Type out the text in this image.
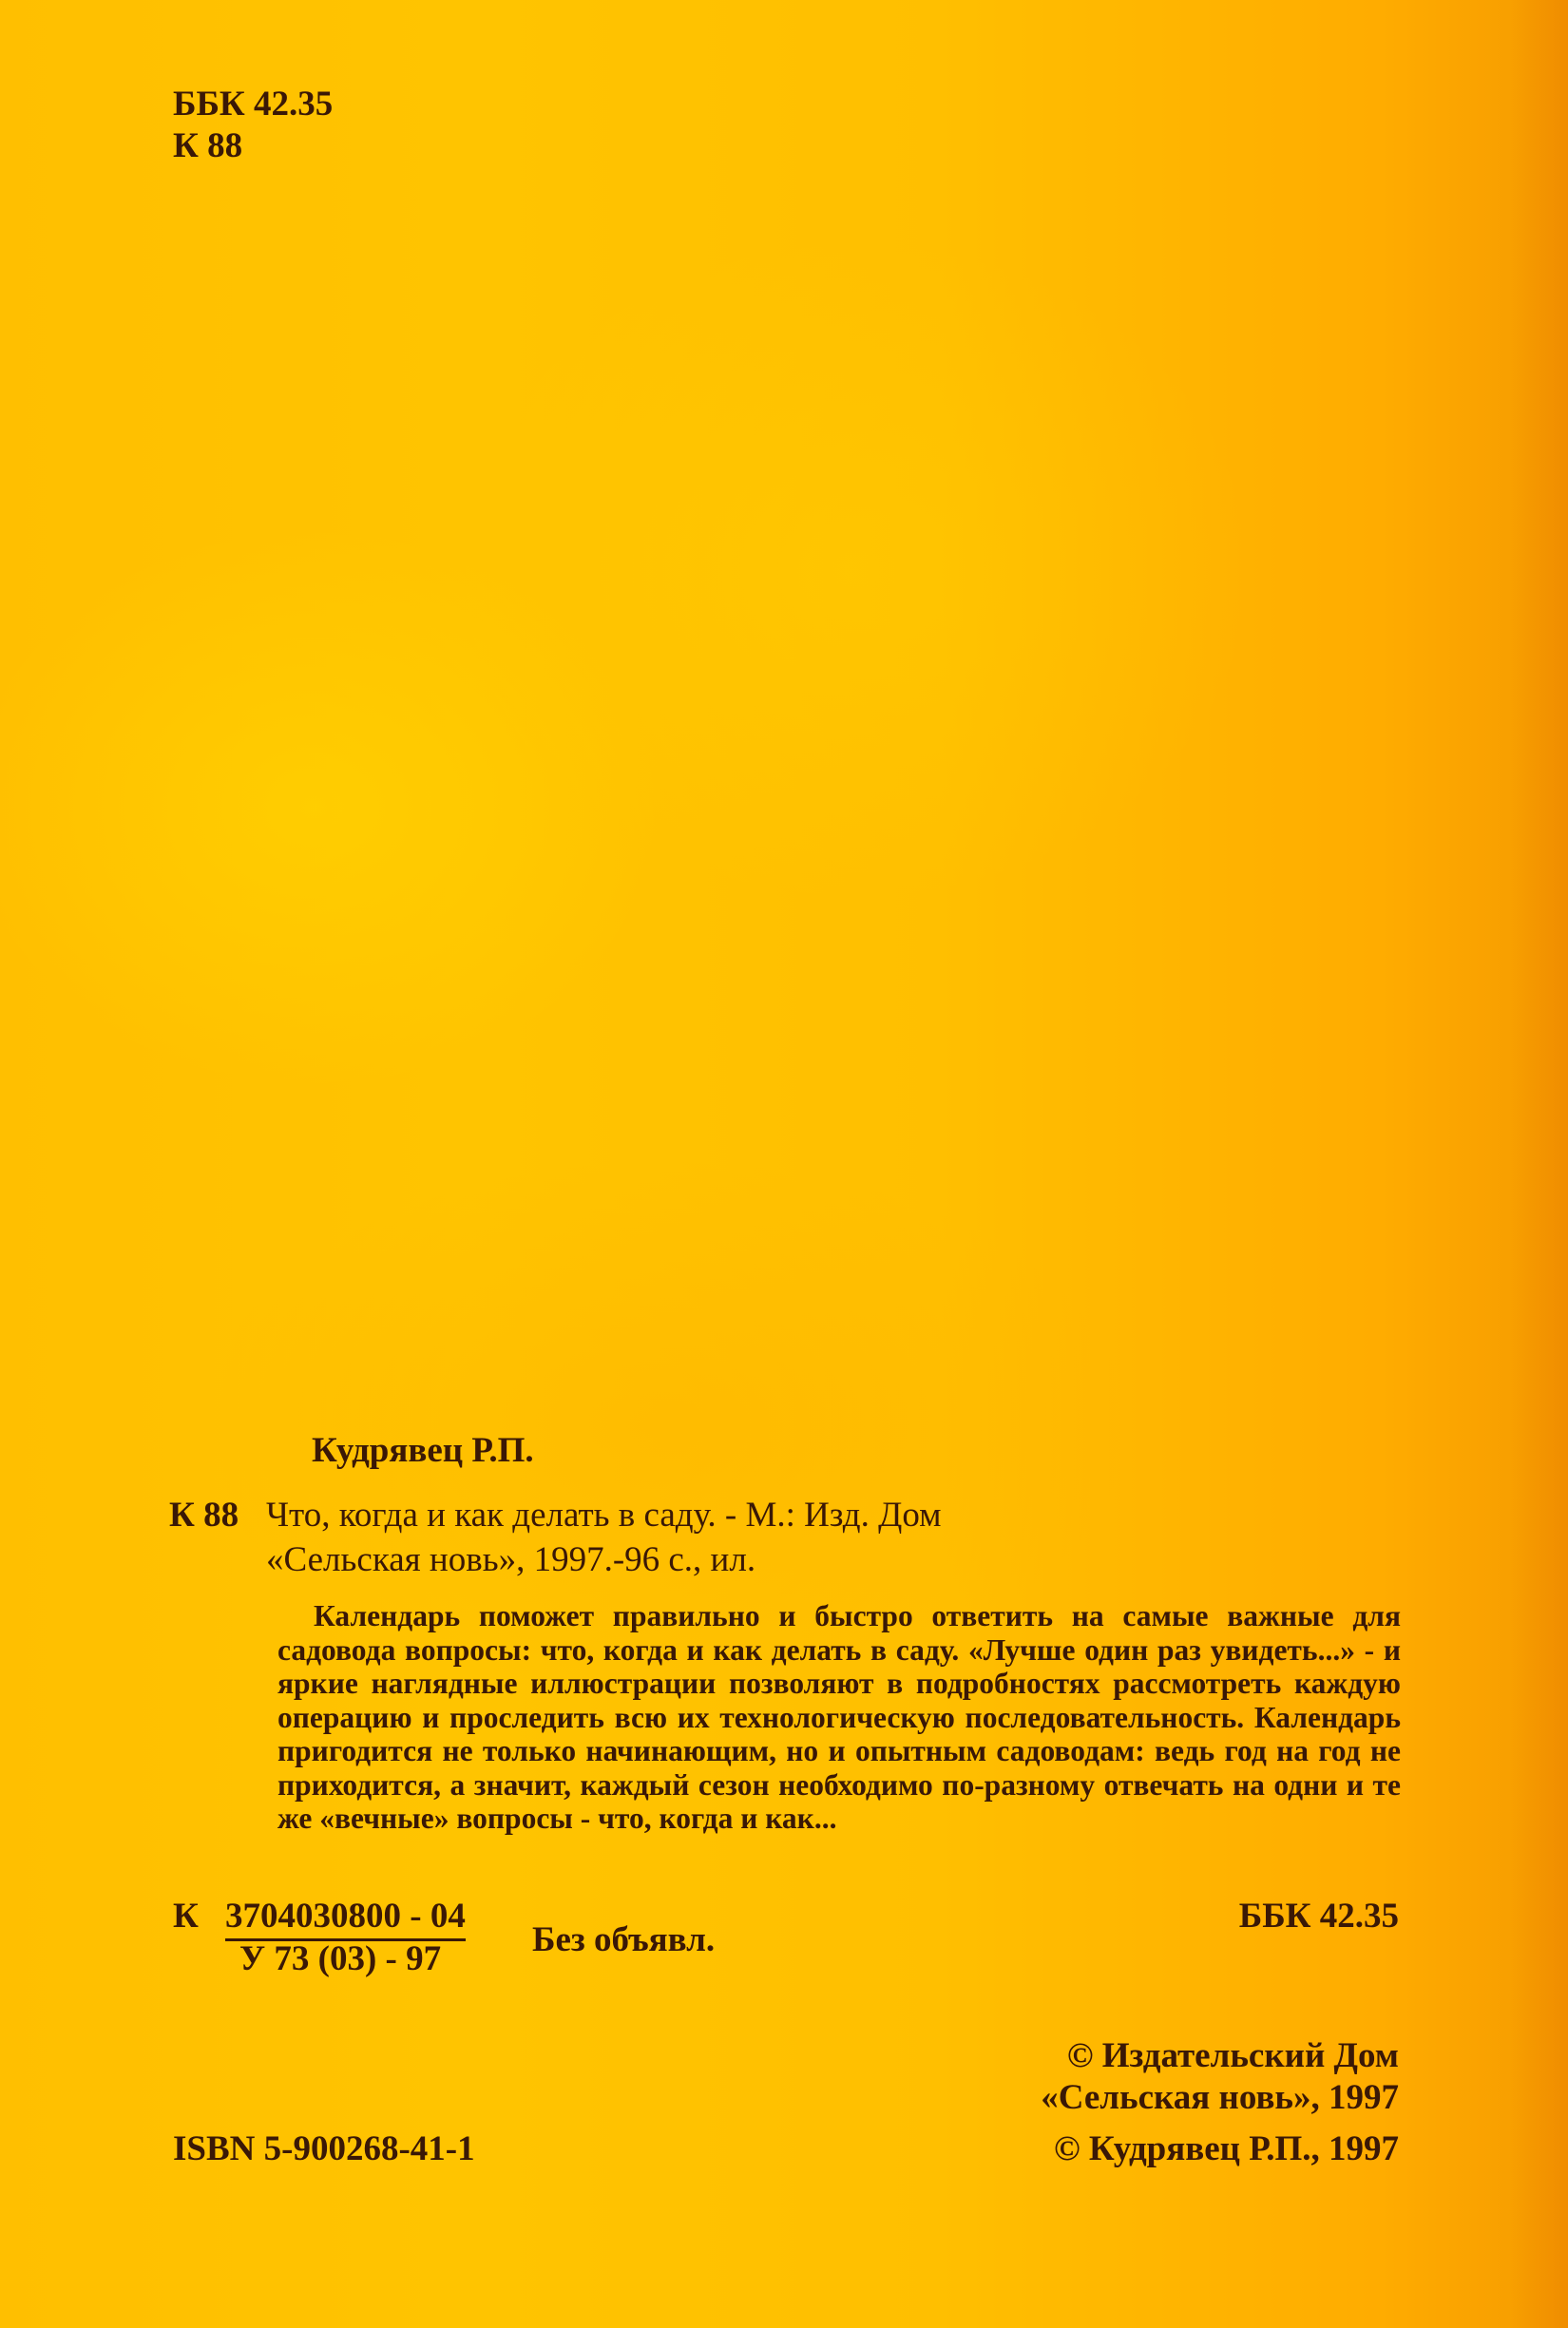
ББК 42.35
К 88
Кудрявец Р.П.
К 88 Что, когда и как делать в саду. - М.: Изд. Дом
«Сельская новь», 1997.-96 с., ил.

Календарь поможет правильно и быстро ответить на самые важные для садовода вопросы: что, когда и как делать в саду. «Лучше один раз увидеть...» - и яркие наглядные иллюстрации позволяют в подробностях рассмотреть каждую операцию и проследить всю их технологическую последовательность. Календарь пригодится не только начинающим, но и опытным садоводам: ведь год на год не приходится, а значит, каждый сезон необходимо по-разному отвечать на одни и те же «вечные» вопросы - что, когда и как...

К 3704030800 - 04
У 73 (03) - 97	Без объявл.
ББК 42.35
© Издательский Дом
«Сельская новь», 1997
ISBN 5-900268-41-1	© Кудрявец Р.П., 1997
